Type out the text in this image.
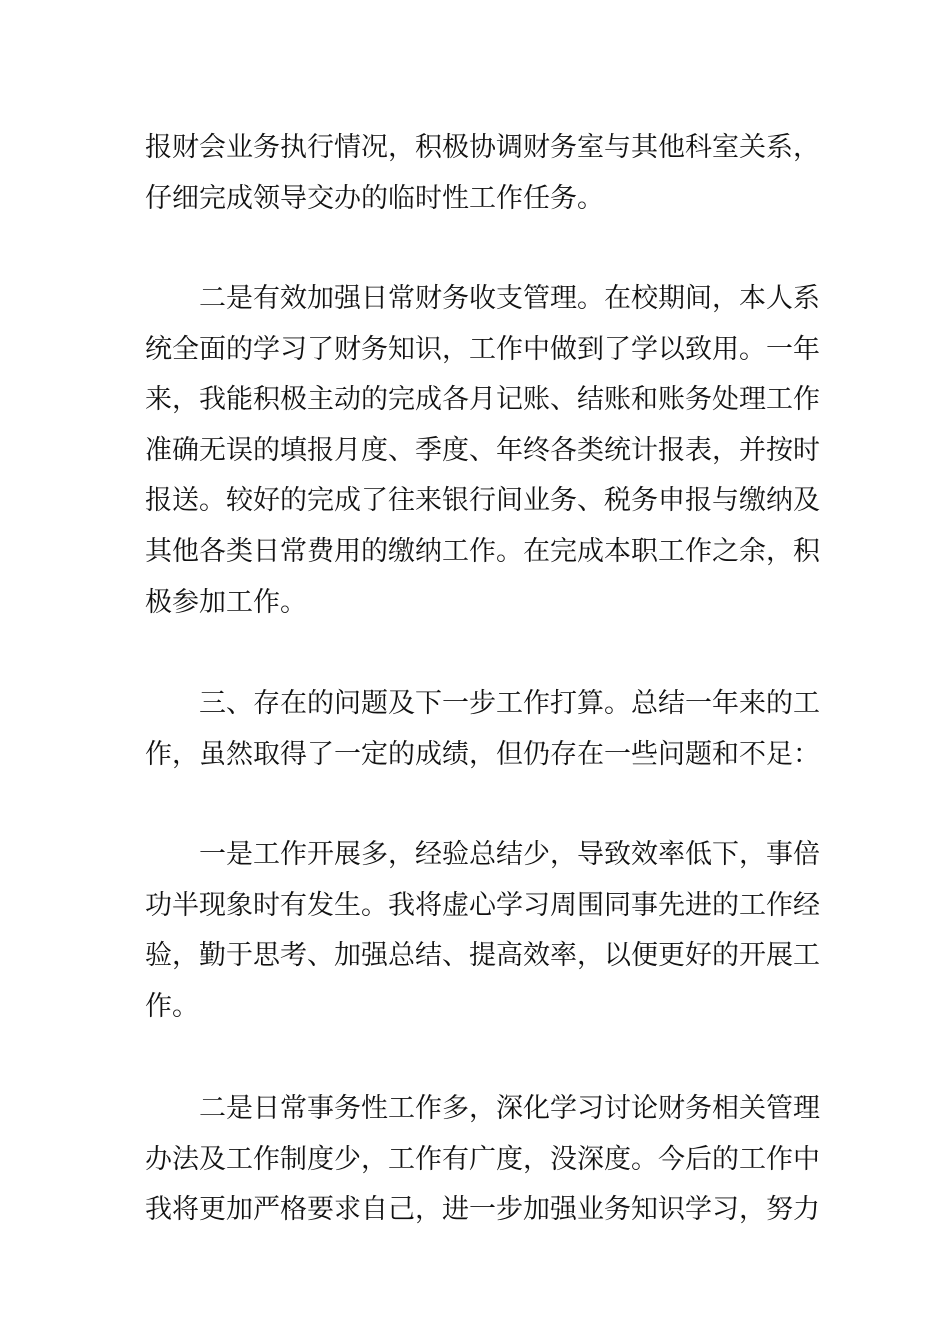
报财会业务执行情况，积极协调财务室与其他科室关系，
仔细完成领导交办的临时性工作任务。

二是有效加强日常财务收支管理。在校期间，本人系
统全面的学习了财务知识，工作中做到了学以致用。一年
来，我能积极主动的完成各月记账、结账和账务处理工作
准确无误的填报月度、季度、年终各类统计报表，并按时
报送。较好的完成了往来银行间业务、税务申报与缴纳及
其他各类日常费用的缴纳工作。在完成本职工作之余，积
极参加工作。

三、存在的问题及下一步工作打算。总结一年来的工
作，虽然取得了一定的成绩，但仍存在一些问题和不足：

一是工作开展多，经验总结少，导致效率低下，事倍
功半现象时有发生。我将虚心学习周围同事先进的工作经
验，勤于思考、加强总结、提高效率，以便更好的开展工
作。

二是日常事务性工作多，深化学习讨论财务相关管理
办法及工作制度少，工作有广度，没深度。今后的工作中
我将更加严格要求自己，进一步加强业务知识学习，努力
